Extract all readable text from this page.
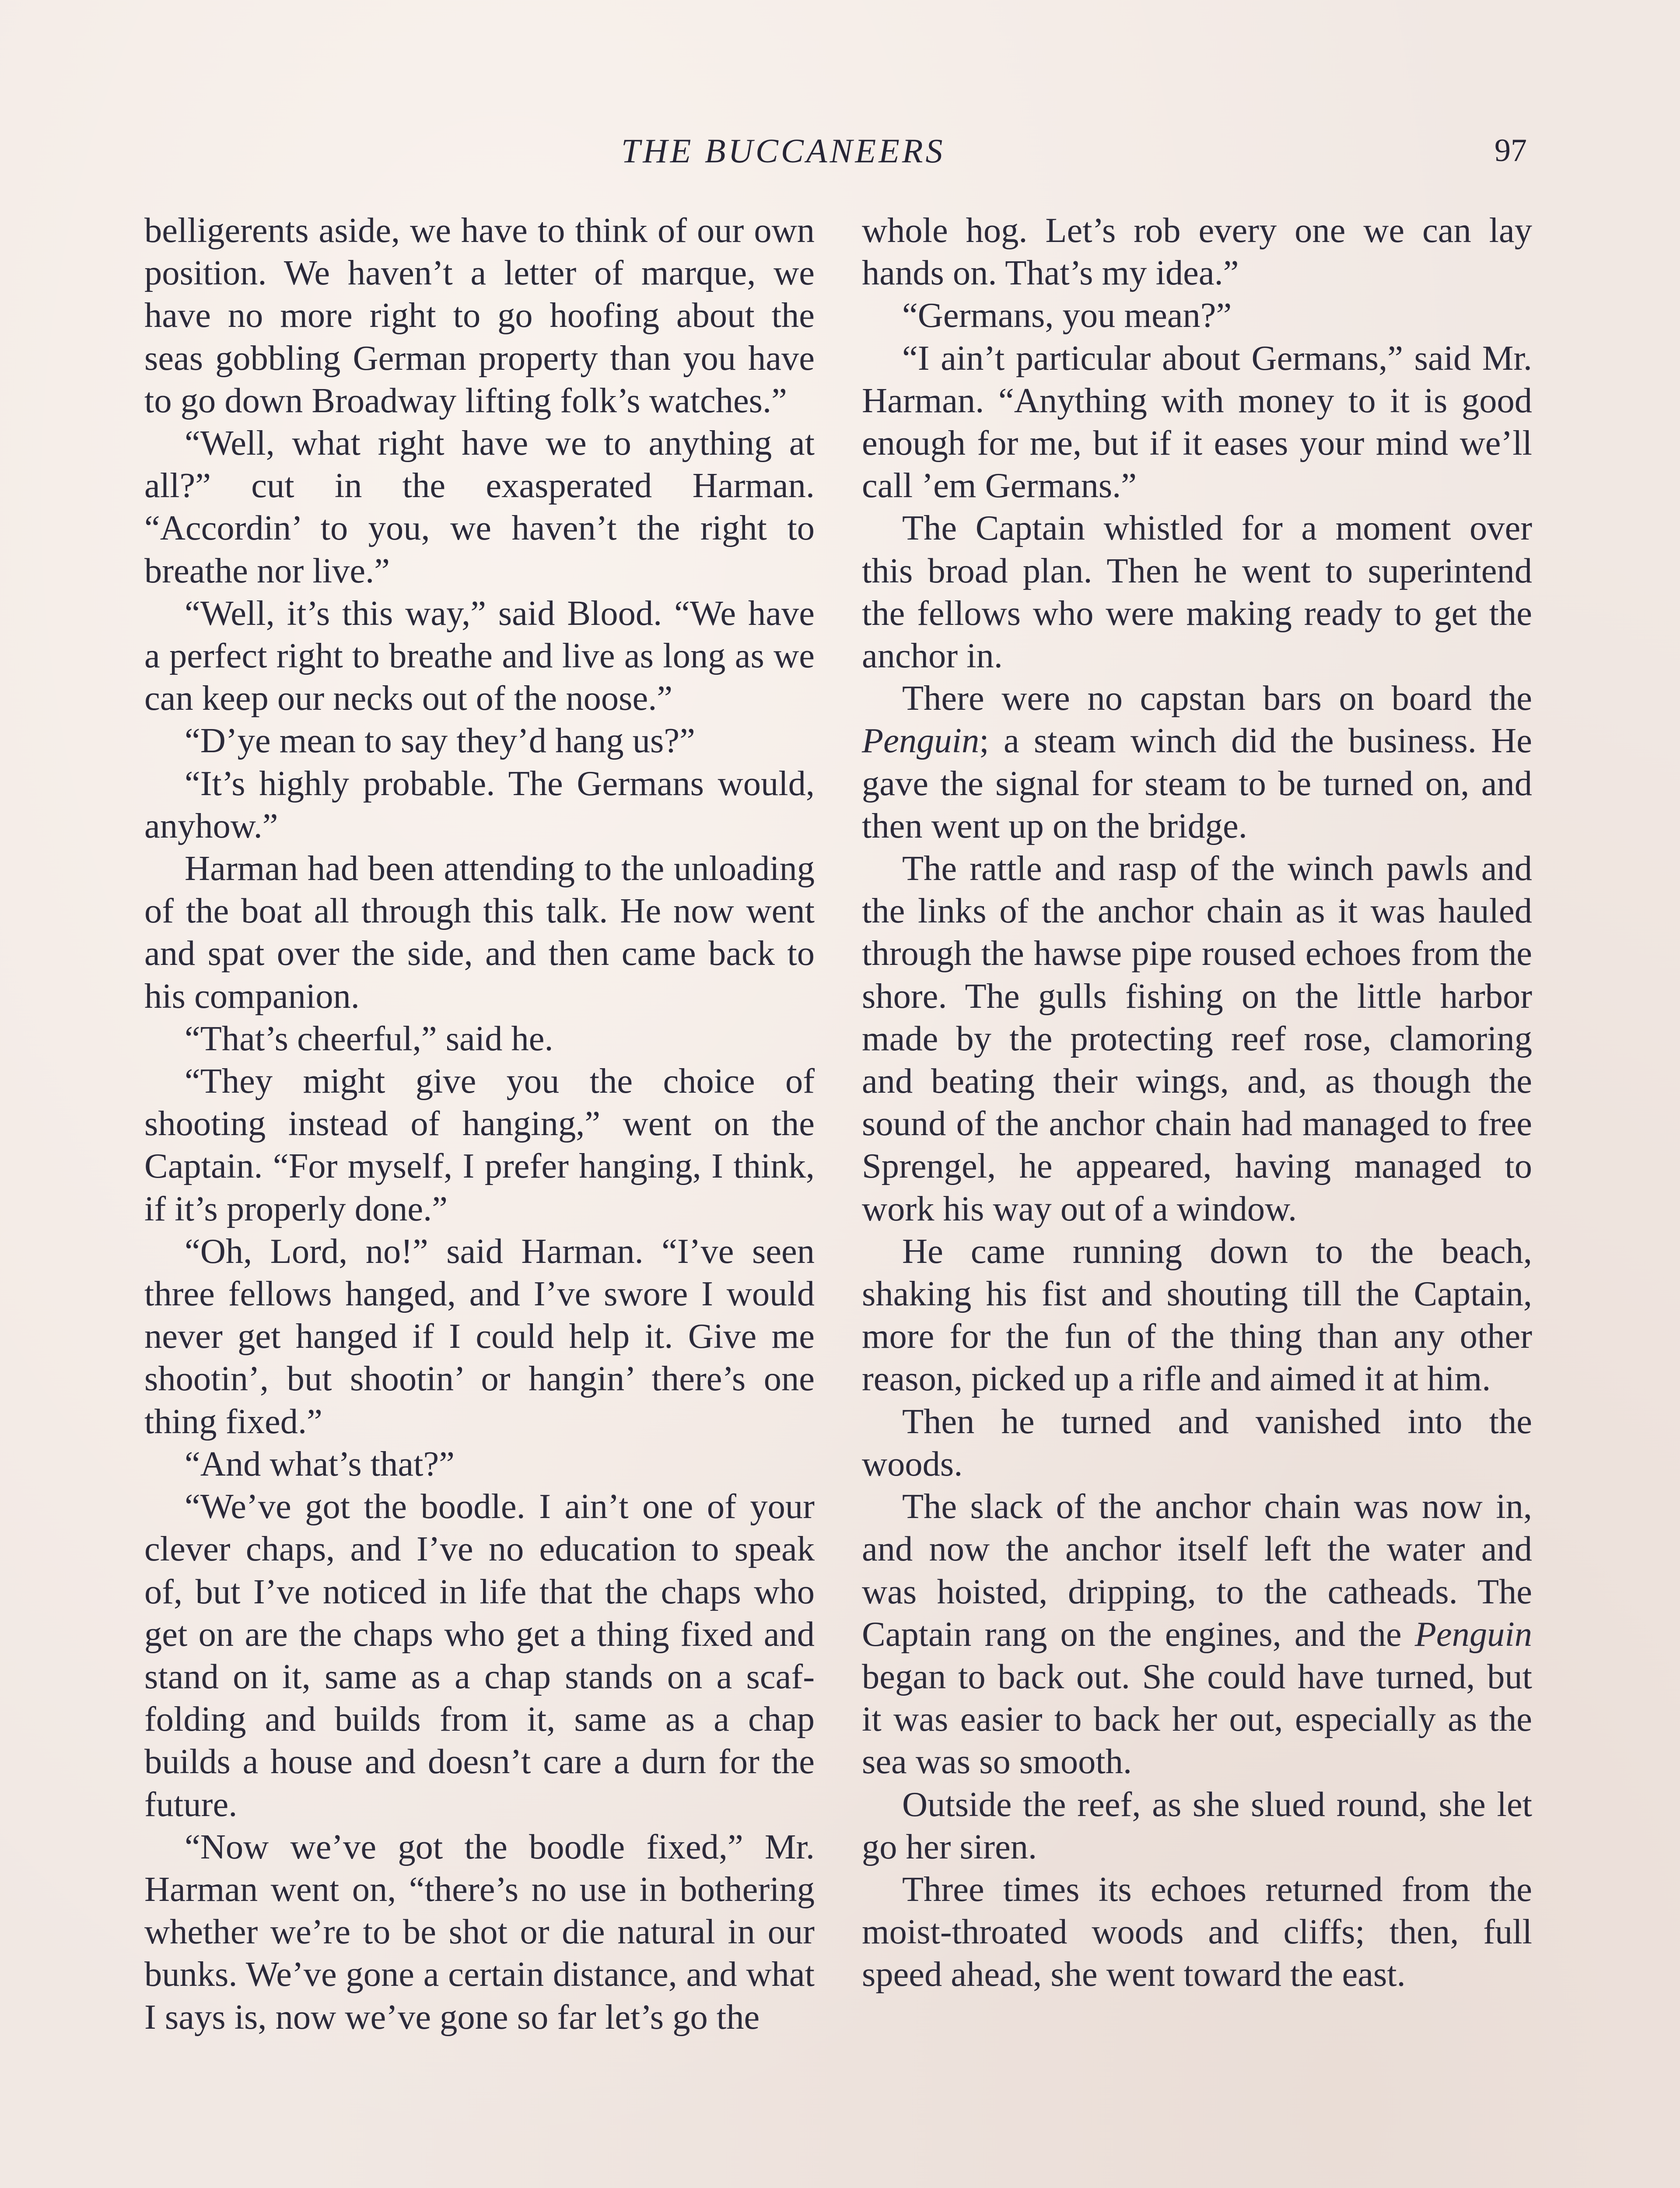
THE BUCCANEERS	97

belligerents aside, we have to think of our own position. We haven’t a letter of marque, we have no more right to go hoofing about the seas gobbling German property than you have to go down Broadway lifting folk’s watches.”

“Well, what right have we to anything at all?” cut in the exasperated Harman. “Accordin’ to you, we haven’t the right to breathe nor live.”

“Well, it’s this way,” said Blood. “We have a perfect right to breathe and live as long as we can keep our necks out of the noose.”

“D’ye mean to say they’d hang us?”

“It’s highly probable. The Germans would, anyhow.”

Harman had been attending to the unloading of the boat all through this talk. He now went and spat over the side, and then came back to his companion.

“That’s cheerful,” said he.

“They might give you the choice of shooting instead of hanging,” went on the Captain. “For myself, I prefer hanging, I think, if it’s properly done.”

“Oh, Lord, no!” said Harman. “I’ve seen three fellows hanged, and I’ve swore I would never get hanged if I could help it. Give me shootin’, but shootin’ or hangin’ there’s one thing fixed.”

“And what’s that?”

“We’ve got the boodle. I ain’t one of your clever chaps, and I’ve no education to speak of, but I’ve noticed in life that the chaps who get on are the chaps who get a thing fixed and stand on it, same as a chap stands on a scaffolding and builds from it, same as a chap builds a house and doesn’t care a durn for the future.

“Now we’ve got the boodle fixed,” Mr. Harman went on, “there’s no use in bothering whether we’re to be shot or die natural in our bunks. We’ve gone a certain distance, and what I says is, now we’ve gone so far let’s go the

whole hog. Let’s rob every one we can lay hands on. That’s my idea.”

“Germans, you mean?”

“I ain’t particular about Germans,” said Mr. Harman. “Anything with money to it is good enough for me, but if it eases your mind we’ll call ’em Germans.”

The Captain whistled for a moment over this broad plan. Then he went to superintend the fellows who were making ready to get the anchor in.

There were no capstan bars on board the Penguin; a steam winch did the business. He gave the signal for steam to be turned on, and then went up on the bridge.

The rattle and rasp of the winch pawls and the links of the anchor chain as it was hauled through the hawse pipe roused echoes from the shore. The gulls fishing on the little harbor made by the protecting reef rose, clamoring and beating their wings, and, as though the sound of the anchor chain had managed to free Sprengel, he appeared, having managed to work his way out of a window.

He came running down to the beach, shaking his fist and shouting till the Captain, more for the fun of the thing than any other reason, picked up a rifle and aimed it at him.

Then he turned and vanished into the woods.

The slack of the anchor chain was now in, and now the anchor itself left the water and was hoisted, dripping, to the catheads. The Captain rang on the engines, and the Penguin began to back out. She could have turned, but it was easier to back her out, especially as the sea was so smooth.

Outside the reef, as she slued round, she let go her siren.

Three times its echoes returned from the moist-throated woods and cliffs; then, full speed ahead, she went toward the east.
